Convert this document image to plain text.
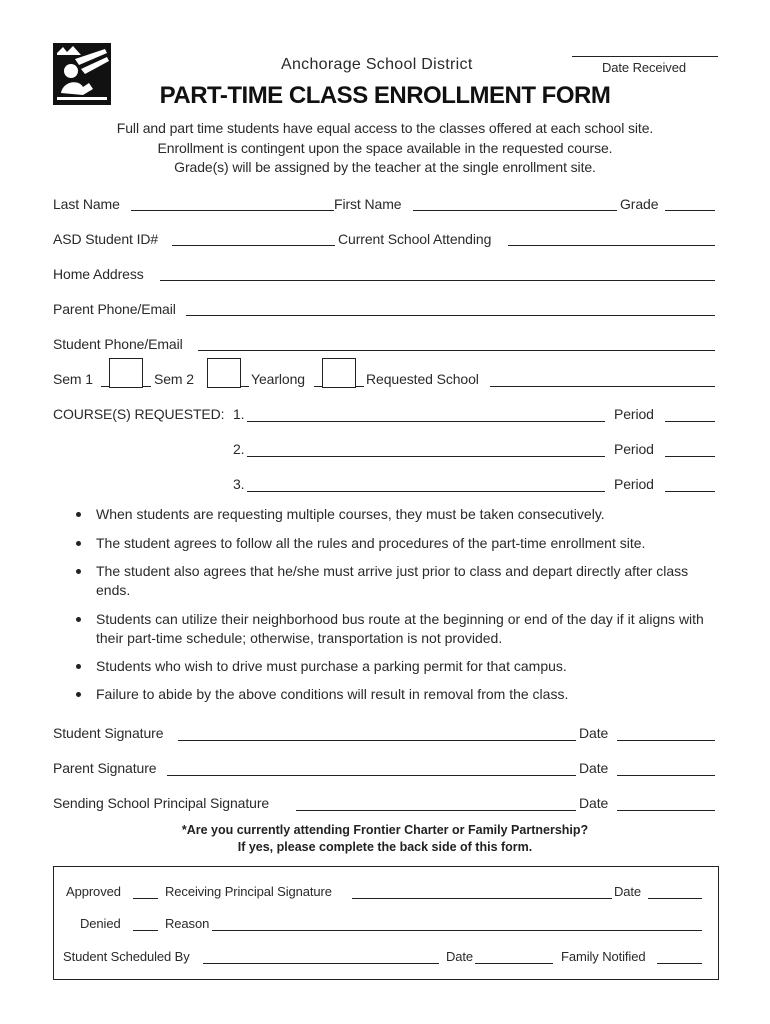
Anchorage School District	Date Received
PART-TIME CLASS ENROLLMENT FORM
Full and part time students have equal access to the classes offered at each school site.
Enrollment is contingent upon the space available in the requested course.
Grade(s) will be assigned by the teacher at the single enrollment site.
Last Name	First Name	Grade
ASD Student ID#	Current School Attending
Home Address
Parent Phone/Email
Student Phone/Email
Sem 1	Sem 2	Yearlong	Requested School
COURSE(S) REQUESTED: 1.	Period
2.	Period
3.	Period
When students are requesting multiple courses, they must be taken consecutively.
The student agrees to follow all the rules and procedures of the part-time enrollment site.
The student also agrees that he/she must arrive just prior to class and depart directly after class ends.
Students can utilize their neighborhood bus route at the beginning or end of the day if it aligns with their part-time schedule; otherwise, transportation is not provided.
Students who wish to drive must purchase a parking permit for that campus.
Failure to abide by the above conditions will result in removal from the class.
Student Signature	Date
Parent Signature	Date
Sending School Principal Signature	Date
*Are you currently attending Frontier Charter or Family Partnership?
If yes, please complete the back side of this form.
Approved	Receiving Principal Signature	Date
Denied	Reason
Student Scheduled By	Date	Family Notified
